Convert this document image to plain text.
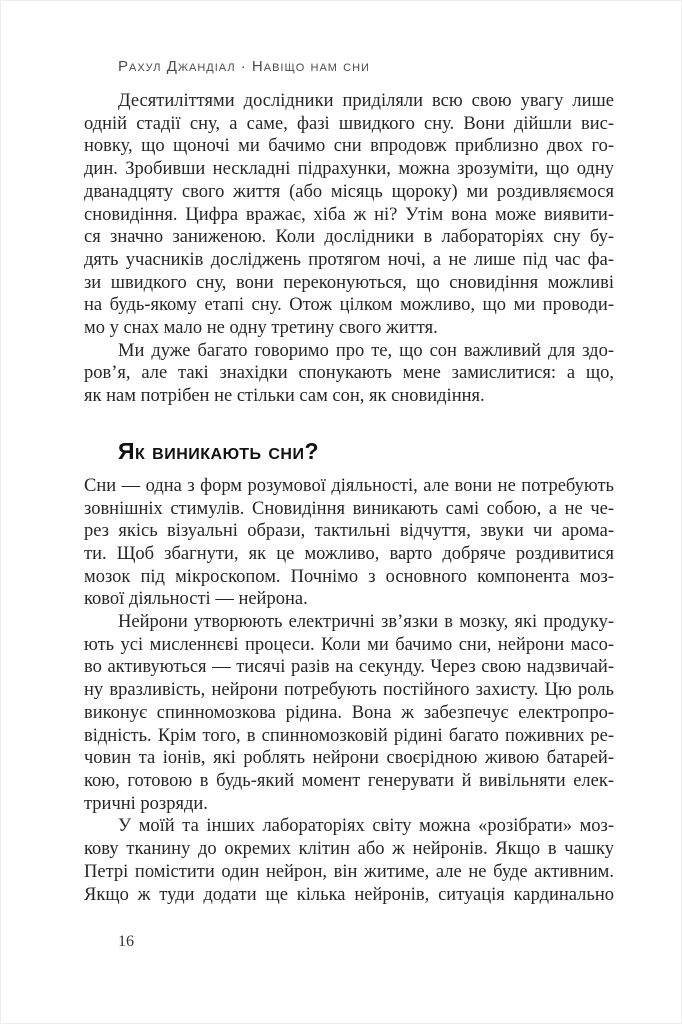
Рахул Джандіал · Навіщо нам сни
Десятиліттями дослідники приділяли всю свою увагу лише
одній стадії сну, а саме, фазі швидкого сну. Вони дійшли вис-
новку, що щоночі ми бачимо сни впродовж приблизно двох го-
дин. Зробивши нескладні підрахунки, можна зрозуміти, що одну
дванадцяту свого життя (або місяць щороку) ми роздивляємося
сновидіння. Цифра вражає, хіба ж ні? Утім вона може виявити-
ся значно заниженою. Коли дослідники в лабораторіях сну бу-
дять учасників досліджень протягом ночі, а не лише під час фа-
зи швидкого сну, вони переконуються, що сновидіння можливі
на будь-якому етапі сну. Отож цілком можливо, що ми проводи-
мо у снах мало не одну третину свого життя.
Ми дуже багато говоримо про те, що сон важливий для здо-
ров’я, але такі знахідки спонукають мене замислитися: а що,
як нам потрібен не стільки сам сон, як сновидіння.
Як виникають сни?
Сни — одна з форм розумової діяльності, але вони не потребують
зовнішніх стимулів. Сновидіння виникають самі собою, а не че-
рез якісь візуальні образи, тактильні відчуття, звуки чи арома-
ти. Щоб збагнути, як це можливо, варто добряче роздивитися
мозок під мікроскопом. Почнімо з основного компонента моз-
кової діяльності — нейрона.
Нейрони утворюють електричні зв’язки в мозку, які продуку-
ють усі мисленнєві процеси. Коли ми бачимо сни, нейрони масо-
во активуються — тисячі разів на секунду. Через свою надзвичай-
ну вразливість, нейрони потребують постійного захисту. Цю роль
виконує спинномозкова рідина. Вона ж забезпечує електропро-
відність. Крім того, в спинномозковій рідині багато поживних ре-
човин та іонів, які роблять нейрони своєрідною живою батарей-
кою, готовою в будь-який момент генерувати й вивільняти елек-
тричні розряди.
У моїй та інших лабораторіях світу можна «розібрати» моз-
кову тканину до окремих клітин або ж нейронів. Якщо в чашку
Петрі помістити один нейрон, він житиме, але не буде активним.
Якщо ж туди додати ще кілька нейронів, ситуація кардинально
16
